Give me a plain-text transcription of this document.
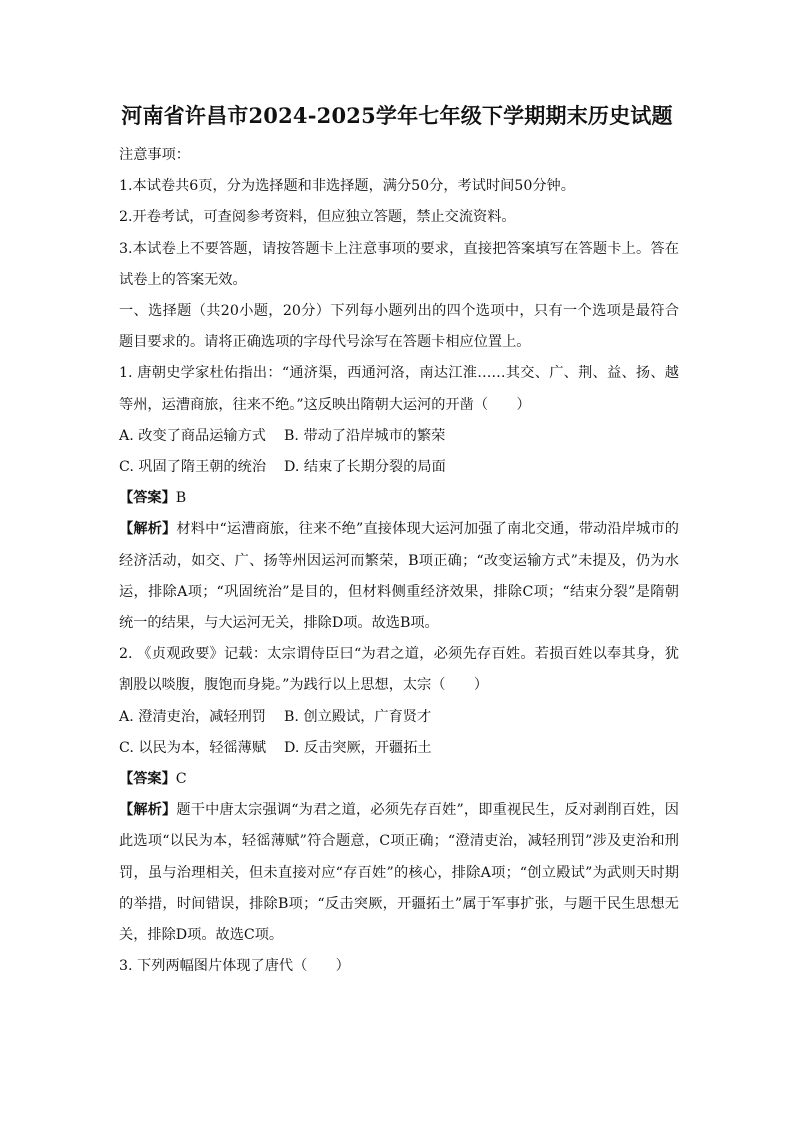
河南省许昌市2024-2025学年七年级下学期期末历史试题

注意事项：

1.本试卷共6页，分为选择题和非选择题，满分50分，考试时间50分钟。

2.开卷考试，可查阅参考资料，但应独立答题，禁止交流资料。

3.本试卷上不要答题，请按答题卡上注意事项的要求，直接把答案填写在答题卡上。答在试卷上的答案无效。

一、选择题（共20小题，20分）下列每小题列出的四个选项中，只有一个选项是最符合题目要求的。请将正确选项的字母代号涂写在答题卡相应位置上。

1. 唐朝史学家杜佑指出：“通济渠，西通河洛，南达江淮……其交、广、荆、益、扬、越等州，运漕商旅，往来不绝。”这反映出隋朝大运河的开凿（　　）

A. 改变了商品运输方式	B. 带动了沿岸城市的繁荣
C. 巩固了隋王朝的统治	D. 结束了长期分裂的局面

【答案】B

【解析】材料中“运漕商旅，往来不绝”直接体现大运河加强了南北交通，带动沿岸城市的经济活动，如交、广、扬等州因运河而繁荣，B项正确；“改变运输方式”未提及，仍为水运，排除A项；“巩固统治”是目的，但材料侧重经济效果，排除C项；“结束分裂”是隋朝统一的结果，与大运河无关，排除D项。故选B项。

2. 《贞观政要》记载：太宗谓侍臣曰“为君之道，必须先存百姓。若损百姓以奉其身，犹割股以啖腹，腹饱而身毙。”为践行以上思想，太宗（　　）

A. 澄清吏治，减轻刑罚	B. 创立殿试，广育贤才
C. 以民为本，轻徭薄赋	D. 反击突厥，开疆拓土

【答案】C

【解析】题干中唐太宗强调“为君之道，必须先存百姓”，即重视民生，反对剥削百姓，因此选项“以民为本，轻徭薄赋”符合题意，C项正确；“澄清吏治，减轻刑罚”涉及吏治和刑罚，虽与治理相关，但未直接对应“存百姓”的核心，排除A项；“创立殿试”为武则天时期的举措，时间错误，排除B项；“反击突厥，开疆拓土”属于军事扩张，与题干民生思想无关，排除D项。故选C项。

3. 下列两幅图片体现了唐代（　　）
